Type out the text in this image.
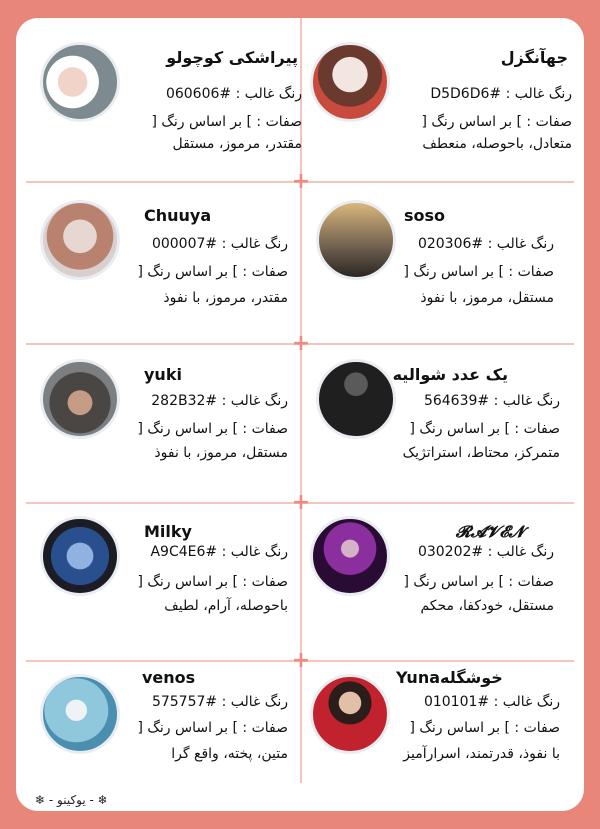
+
+
+
+
جهآنگزل
رنگ غالب : #D5D6D6
صفات : ] بر اساس رنگ [
متعادل، باحوصله، منعطف
پیراشکی کوچولو
رنگ غالب : #060606
صفات : ] بر اساس رنگ [
مقتدر، مرموز، مستقل
soso
رنگ غالب : #020306
صفات : ] بر اساس رنگ [
مستقل، مرموز، با نفوذ
Chuuya
رنگ غالب : #000007
صفات : ] بر اساس رنگ [
مقتدر، مرموز، با نفوذ
یک عدد شوالیه
رنگ غالب : #564639
صفات : ] بر اساس رنگ [
متمرکز، محتاط، استراتژیک
yuki
رنگ غالب : #282B32
صفات : ] بر اساس رنگ [
مستقل، مرموز، با نفوذ
𝓡𝓐𝓥𝓔𝓝
رنگ غالب : #030202
صفات : ] بر اساس رنگ [
مستقل، خودکفا، محکم
Milky
رنگ غالب : #A9C4E6
صفات : ] بر اساس رنگ [
باحوصله، آرام، لطیف
Yunaخوشگله
رنگ غالب : #010101
صفات : ] بر اساس رنگ [
با نفوذ، قدرتمند، اسرارآمیز
venos
رنگ غالب : #575757
صفات : ] بر اساس رنگ [
متین، پخته، واقع گرا
❄ - یوکینو - ❄
